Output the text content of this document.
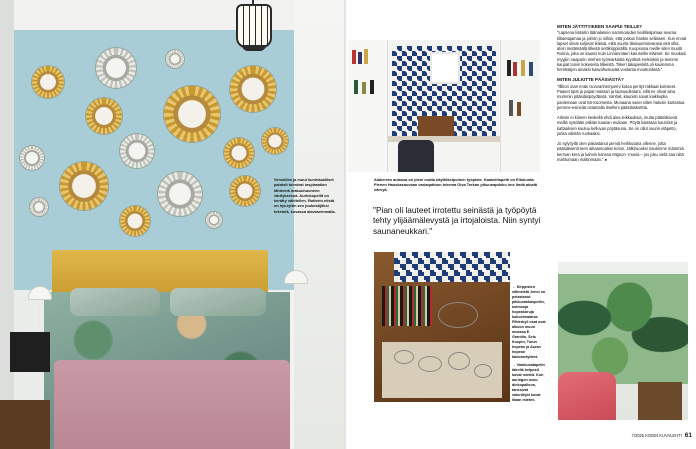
Versailles ja muut kuninkaalliset palatsit toimivat inspiraation lähteenä makuuhuoneen värityksessä. Aurinkopeilit on kerätty vähitellen. Rotterin niistä on Irja-tytön zen jouluisäjöksi tekemiä, kuvassa alavasemmalla.
Alakerran aulassa on pieni mutta käyttökelpoinen työpiste. Kaakelitapetti on Eliokunta. Pienen Hauskasauvaan variaqattoon tekema Olva Terkan pikuunapdsko hne lindä ainaiä närvyä.
"Pian oli lauteet irrotettu seinästä ja työpöytä tehty ylijäämälevystä ja irtojaloista. Niin syntyi saunaneukkari."

← Kirppisten siltineistä Jenni on pelastanut pikkunakkaspeilin, kolmonja hopeakoruja kokoelmaansa. Filtterkyli osat ovat alkoon muun muassa E. Granitin, Sels Koupin, Turun hopean ja Auran hopean taidonnäytteet.

→ Valokuvatapetin äärellä helposti kuvat mieleä. Kun auringon osuu dinkopalloon, tanssivat valoröhjöt kuvat liiaan mieten.

MITEN JÄTTITYIKEEN SAAPUI TEILLE?

"Lapsena lisäsitin läänalainen nammoisiden tiedilleäpimaa seuraa tilkaetajamaa ja piiriön jo silloin, että joskus hankin sellaisen. Kun ennat lapset olivat soljevat ikäisiä, eikä suurta tilaisuutmisvarasa ekä ollut, aloin metämäälä tilkeitä nettikirppisällä. Kuopiossa meille siten muutti Roima, joka on kaunis kuin Linnanmäen karusellin eläimet. Se muokasi myyjiin naapurin miehen työmarkasta kyyöksä Helsinkiin ja teimme kaupat toinin kokeneita tilkeistä. Tiikeri takapenkilä oli koulemma herrätärjen ainakin kasvahustuvää vostanta moottoritietä."

MITEN JULKITTE PÄÄSIÄSTÄ?

"Illikon otan enän isonvanhemperni kotoa perityt rakkaat koristeet. Paaset tipat ja papat maistan ja lapsuudestani, sillä ne olivat aina mummin pääsiäispöydässä. Vanhat, kaunisti sovat kaikkeplia paolemaan ovat Itä-Suomesta. Munaana vasei siiten halusin kartastua perinne-esineitä ostamalla itselleni pääsiäiskorttia.

Arkisin ei kiireen keskellä ehdi aina leikkauksia, mutta pääsiäisenä meillä syödään pitkiän kaavan mukaan. Pöytä katetaan kauniisti ja kattauksen kuuluu kelluvan pöytäsuna. Se on ollut suurin eläpetto, jonka väistän ruokaaksi.

Jo sylyöyllä olen pakastanut pieniä herkkutaria ollenne, jotta pääsiäisenä teen aikaamoalsei koton. Jälkiruoaksi nautimme mämmiä kerman kera ja kahvin kanssa Mignon -munia – jos joku vielä saa niitä mahtumaan maltinmaan." ●

7/2025 KODIN KUVALEHTI 61
